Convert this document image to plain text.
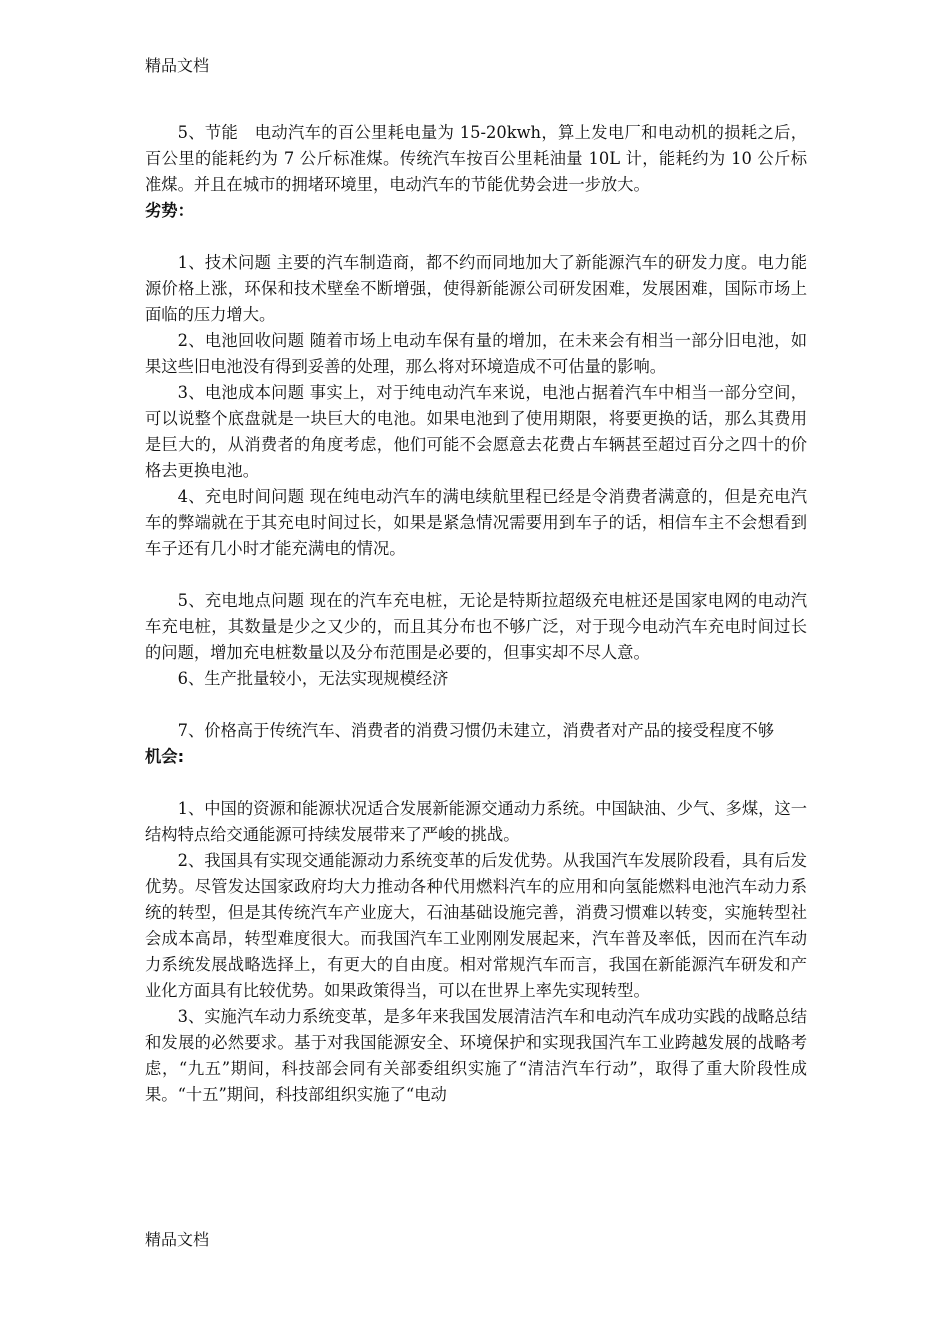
精品文档

5、节能　电动汽车的百公里耗电量为 15-20kwh，算上发电厂和电动机的损耗之后，百公里的能耗约为 7 公斤标准煤。传统汽车按百公里耗油量 10L 计，能耗约为 10 公斤标准煤。并且在城市的拥堵环境里，电动汽车的节能优势会进一步放大。

劣势：

1、技术问题 主要的汽车制造商，都不约而同地加大了新能源汽车的研发力度。电力能源价格上涨，环保和技术壁垒不断增强，使得新能源公司研发困难，发展困难，国际市场上面临的压力增大。

2、电池回收问题 随着市场上电动车保有量的增加，在未来会有相当一部分旧电池，如果这些旧电池没有得到妥善的处理，那么将对环境造成不可估量的影响。

3、电池成本问题 事实上，对于纯电动汽车来说，电池占据着汽车中相当一部分空间，可以说整个底盘就是一块巨大的电池。如果电池到了使用期限，将要更换的话，那么其费用是巨大的，从消费者的角度考虑，他们可能不会愿意去花费占车辆甚至超过百分之四十的价格去更换电池。

4、充电时间问题 现在纯电动汽车的满电续航里程已经是令消费者满意的，但是充电汽车的弊端就在于其充电时间过长，如果是紧急情况需要用到车子的话，相信车主不会想看到车子还有几小时才能充满电的情况。

5、充电地点问题 现在的汽车充电桩，无论是特斯拉超级充电桩还是国家电网的电动汽车充电桩，其数量是少之又少的，而且其分布也不够广泛，对于现今电动汽车充电时间过长的问题，增加充电桩数量以及分布范围是必要的，但事实却不尽人意。

6、生产批量较小，无法实现规模经济

7、价格高于传统汽车、消费者的消费习惯仍未建立，消费者对产品的接受程度不够

机会:

1、中国的资源和能源状况适合发展新能源交通动力系统。中国缺油、少气、多煤，这一结构特点给交通能源可持续发展带来了严峻的挑战。

2、我国具有实现交通能源动力系统变革的后发优势。从我国汽车发展阶段看，具有后发优势。尽管发达国家政府均大力推动各种代用燃料汽车的应用和向氢能燃料电池汽车动力系统的转型，但是其传统汽车产业庞大，石油基础设施完善，消费习惯难以转变，实施转型社会成本高昂，转型难度很大。而我国汽车工业刚刚发展起来，汽车普及率低，因而在汽车动力系统发展战略选择上，有更大的自由度。相对常规汽车而言，我国在新能源汽车研发和产业化方面具有比较优势。如果政策得当，可以在世界上率先实现转型。

3、实施汽车动力系统变革，是多年来我国发展清洁汽车和电动汽车成功实践的战略总结和发展的必然要求。基于对我国能源安全、环境保护和实现我国汽车工业跨越发展的战略考虑，“九五”期间，科技部会同有关部委组织实施了“清洁汽车行动”，取得了重大阶段性成果。“十五”期间，科技部组织实施了“电动

精品文档
